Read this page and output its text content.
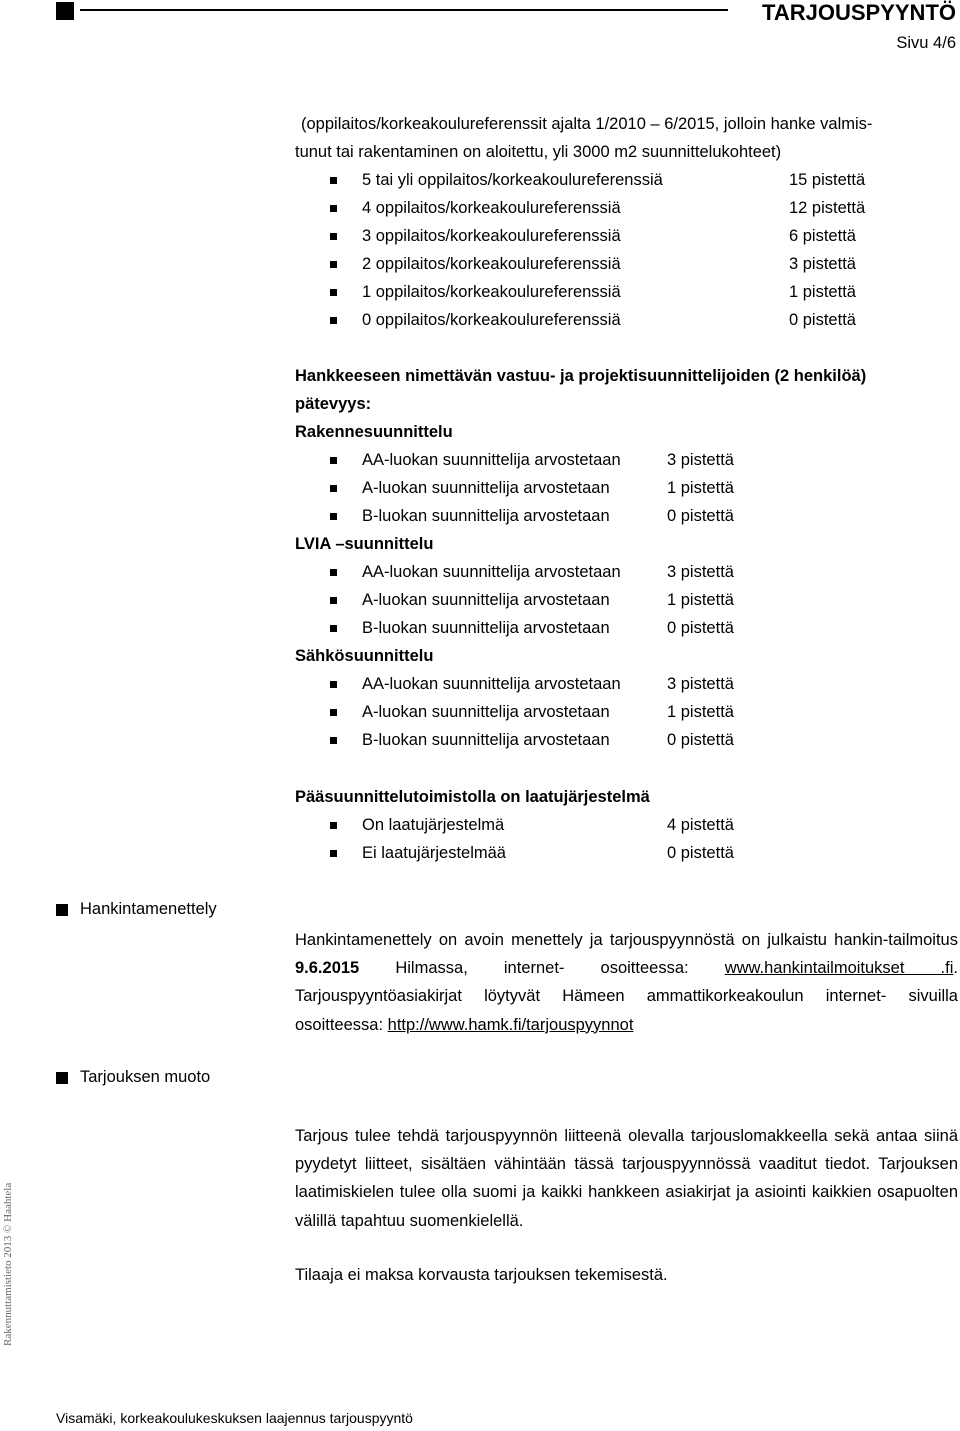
TARJOUSPYYNTÖ
Sivu 4/6
(oppilaitos/korkeakoulureferenssit ajalta 1/2010 – 6/2015, jolloin hanke valmis-
tunut tai rakentaminen on aloitettu, yli 3000 m2 suunnittelukohteet)
5 tai yli oppilaitos/korkeakoulureferenssiä	15 pistettä
4 oppilaitos/korkeakoulureferenssiä	12 pistettä
3 oppilaitos/korkeakoulureferenssiä	6 pistettä
2 oppilaitos/korkeakoulureferenssiä	3 pistettä
1 oppilaitos/korkeakoulureferenssiä	1 pistettä
0 oppilaitos/korkeakoulureferenssiä	0 pistettä
Hankkeeseen nimettävän vastuu- ja projektisuunnittelijoiden (2 henkilöä)
pätevyys:
Rakennesuunnittelu
AA-luokan suunnittelija arvostetaan	3 pistettä
A-luokan suunnittelija arvostetaan	1 pistettä
B-luokan suunnittelija arvostetaan	0 pistettä
LVIA –suunnittelu
AA-luokan suunnittelija arvostetaan	3 pistettä
A-luokan suunnittelija arvostetaan	1 pistettä
B-luokan suunnittelija arvostetaan	0 pistettä
Sähkösuunnittelu
AA-luokan suunnittelija arvostetaan	3 pistettä
A-luokan suunnittelija arvostetaan	1 pistettä
B-luokan suunnittelija arvostetaan	0 pistettä
Pääsuunnittelutoimistolla on laatujärjestelmä
On laatujärjestelmä	4 pistettä
Ei laatujärjestelmää	0 pistettä
Hankintamenettely
Hankintamenettely on avoin menettely ja tarjouspyynnöstä on julkaistu hankin-tailmoitus 9.6.2015 Hilmassa, internet- osoitteessa: www.hankintailmoitukset .fi. Tarjouspyyntöasiakirjat löytyvät Hämeen ammattikorkeakoulun internet- sivuilla osoitteessa: http://www.hamk.fi/tarjouspyynnot
Tarjouksen muoto
Tarjous tulee tehdä tarjouspyynnön liitteenä olevalla tarjouslomakkeella sekä antaa siinä pyydetyt liitteet, sisältäen vähintään tässä tarjouspyynnössä vaaditut tiedot. Tarjouksen laatimiskielen tulee olla suomi ja kaikki hankkeen asiakirjat ja asiointi kaikkien osapuolten välillä tapahtuu suomenkielellä.
Tilaaja ei maksa korvausta tarjouksen tekemisestä.
Rakennuttamistieto 2013 © Haahtela
Visamäki, korkeakoulukeskuksen laajennus tarjouspyyntö
